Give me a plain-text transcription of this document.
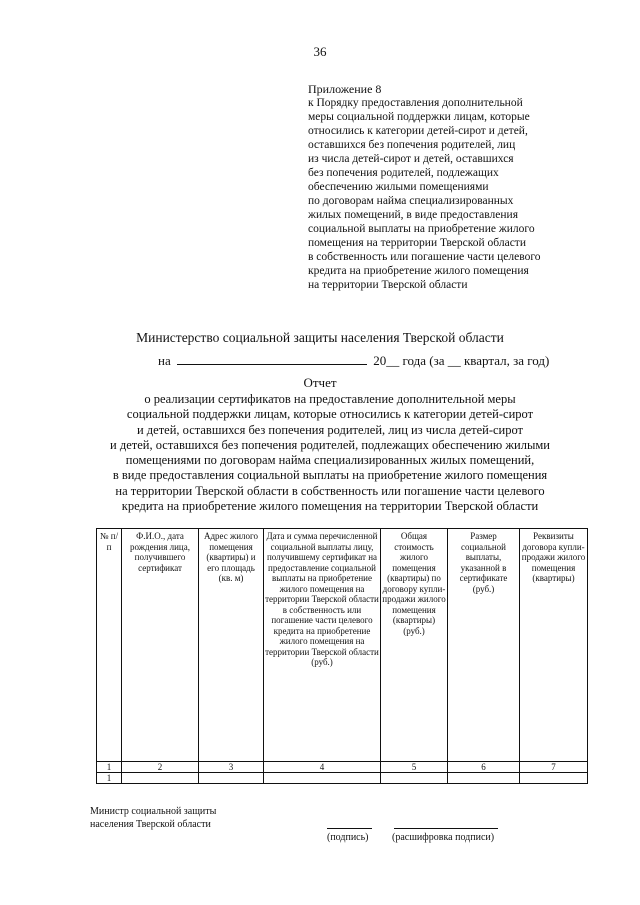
36
Приложение 8
к Порядку предоставления дополнительной
меры социальной поддержки лицам, которые
относились к категории детей-сирот и детей,
оставшихся без попечения родителей, лиц
из числа детей-сирот и детей, оставшихся
без попечения родителей, подлежащих
обеспечению жилыми помещениями
по договорам найма специализированных
жилых помещений, в виде предоставления
социальной выплаты на приобретение жилого
помещения на территории Тверской области
в собственность или погашение части целевого
кредита на приобретение жилого помещения
на территории Тверской области
Министерство социальной защиты населения Тверской области
на	20__ года (за __ квартал, за год)
Отчет
о реализации сертификатов на предоставление дополнительной меры
социальной поддержки лицам, которые относились к категории детей-сирот
и детей, оставшихся без попечения родителей, лиц из числа детей-сирот
и детей, оставшихся без попечения родителей, подлежащих обеспечению жилыми
помещениями по договорам найма специализированных жилых помещений,
в виде предоставления социальной выплаты на приобретение жилого помещения
на территории Тверской области в собственность или погашение части целевого
кредита на приобретение жилого помещения на территории Тверской области
№ п/п	Ф.И.О., дата рождения лица, получившего сертификат	Адрес жилого помещения (квартиры) и его площадь (кв. м)	Дата и сумма перечисленной социальной выплаты лицу, получившему сертификат на предоставление социальной выплаты на приобретение жилого помещения на территории Тверской области в собственность или погашение части целевого кредита на приобретение жилого помещения на территории Тверской области (руб.)	Общая стоимость жилого помещения (квартиры) по договору купли-продажи жилого помещения (квартиры) (руб.)	Размер социальной выплаты, указанной в сертификате (руб.)	Реквизиты договора купли-продажи жилого помещения (квартиры)
1	2	3	4	5	6	7
1						
Министр социальной защиты
населения Тверской области
(подпись) (расшифровка подписи)
